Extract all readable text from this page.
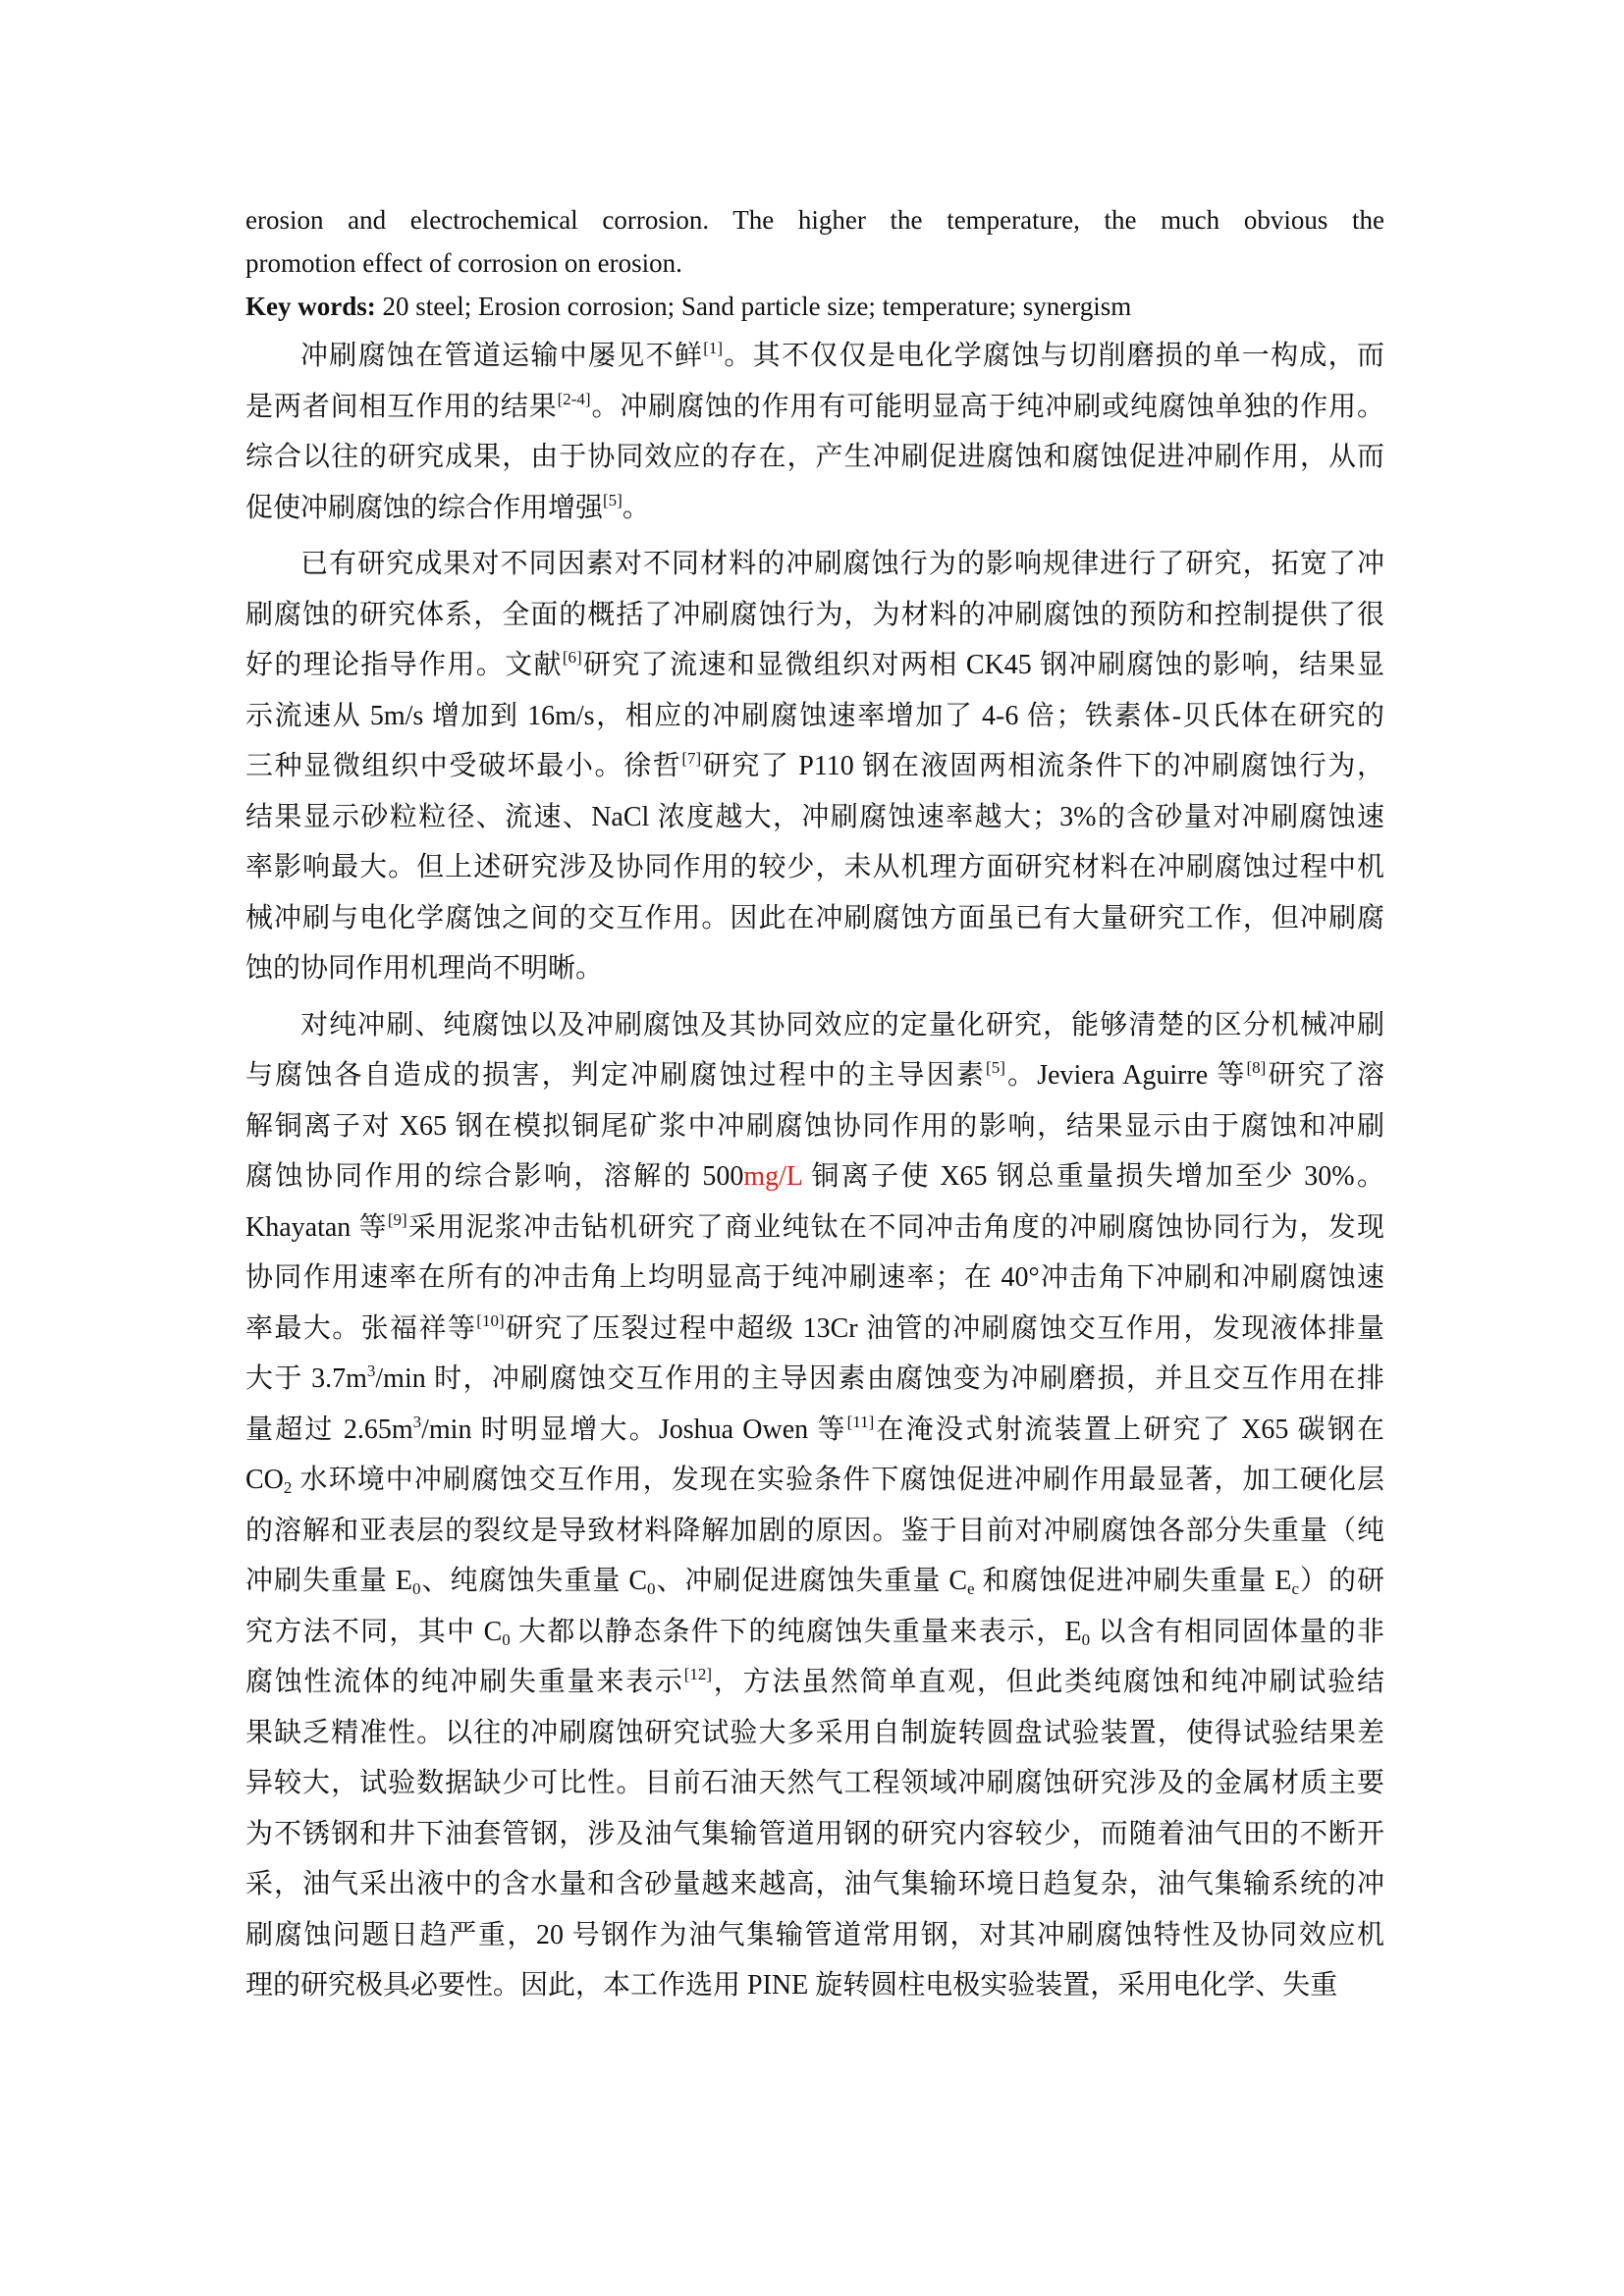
erosion and electrochemical corrosion. The higher the temperature, the much obvious the
promotion effect of corrosion on erosion.
Key words: 20 steel; Erosion corrosion; Sand particle size; temperature; synergism
冲刷腐蚀在管道运输中屡见不鲜[1]。其不仅仅是电化学腐蚀与切削磨损的单一构成，而
是两者间相互作用的结果[2-4]。冲刷腐蚀的作用有可能明显高于纯冲刷或纯腐蚀单独的作用。
综合以往的研究成果，由于协同效应的存在，产生冲刷促进腐蚀和腐蚀促进冲刷作用，从而
促使冲刷腐蚀的综合作用增强[5]。
已有研究成果对不同因素对不同材料的冲刷腐蚀行为的影响规律进行了研究，拓宽了冲
刷腐蚀的研究体系，全面的概括了冲刷腐蚀行为，为材料的冲刷腐蚀的预防和控制提供了很
好的理论指导作用。文献[6]研究了流速和显微组织对两相 CK45 钢冲刷腐蚀的影响，结果显
示流速从 5m/s 增加到 16m/s，相应的冲刷腐蚀速率增加了 4-6 倍；铁素体-贝氏体在研究的
三种显微组织中受破坏最小。徐哲[7]研究了 P110 钢在液固两相流条件下的冲刷腐蚀行为，
结果显示砂粒粒径、流速、NaCl 浓度越大，冲刷腐蚀速率越大；3%的含砂量对冲刷腐蚀速
率影响最大。但上述研究涉及协同作用的较少，未从机理方面研究材料在冲刷腐蚀过程中机
械冲刷与电化学腐蚀之间的交互作用。因此在冲刷腐蚀方面虽已有大量研究工作，但冲刷腐
蚀的协同作用机理尚不明晰。
对纯冲刷、纯腐蚀以及冲刷腐蚀及其协同效应的定量化研究，能够清楚的区分机械冲刷
与腐蚀各自造成的损害，判定冲刷腐蚀过程中的主导因素[5]。Jeviera Aguirre 等[8]研究了溶
解铜离子对 X65 钢在模拟铜尾矿浆中冲刷腐蚀协同作用的影响，结果显示由于腐蚀和冲刷
腐蚀协同作用的综合影响，溶解的 500mg/L 铜离子使 X65 钢总重量损失增加至少 30%。
Khayatan 等[9]采用泥浆冲击钻机研究了商业纯钛在不同冲击角度的冲刷腐蚀协同行为，发现
协同作用速率在所有的冲击角上均明显高于纯冲刷速率；在 40°冲击角下冲刷和冲刷腐蚀速
率最大。张福祥等[10]研究了压裂过程中超级 13Cr 油管的冲刷腐蚀交互作用，发现液体排量
大于 $3.7m^3/\min$ 时，冲刷腐蚀交互作用的主导因素由腐蚀变为冲刷磨损，并且交互作用在排
量超过 $2.65m^3/\min$ 时明显增大。Joshua Owen 等[11]在淹没式射流装置上研究了 X65 碳钢在
$CO_2$ 水环境中冲刷腐蚀交互作用，发现在实验条件下腐蚀促进冲刷作用最显著，加工硬化层
的溶解和亚表层的裂纹是导致材料降解加剧的原因。鉴于目前对冲刷腐蚀各部分失重量（纯
冲刷失重量 $E_0$、纯腐蚀失重量 $C_0$、冲刷促进腐蚀失重量 $C_e$ 和腐蚀促进冲刷失重量 $E_c$）的研
究方法不同，其中 $C_0$ 大都以静态条件下的纯腐蚀失重量来表示，$E_0$ 以含有相同固体量的非
腐蚀性流体的纯冲刷失重量来表示[12]，方法虽然简单直观，但此类纯腐蚀和纯冲刷试验结
果缺乏精准性。以往的冲刷腐蚀研究试验大多采用自制旋转圆盘试验装置，使得试验结果差
异较大，试验数据缺少可比性。目前石油天然气工程领域冲刷腐蚀研究涉及的金属材质主要
为不锈钢和井下油套管钢，涉及油气集输管道用钢的研究内容较少，而随着油气田的不断开
采，油气采出液中的含水量和含砂量越来越高，油气集输环境日趋复杂，油气集输系统的冲
刷腐蚀问题日趋严重，20 号钢作为油气集输管道常用钢，对其冲刷腐蚀特性及协同效应机
理的研究极具必要性。因此，本工作选用 PINE 旋转圆柱电极实验装置，采用电化学、失重
